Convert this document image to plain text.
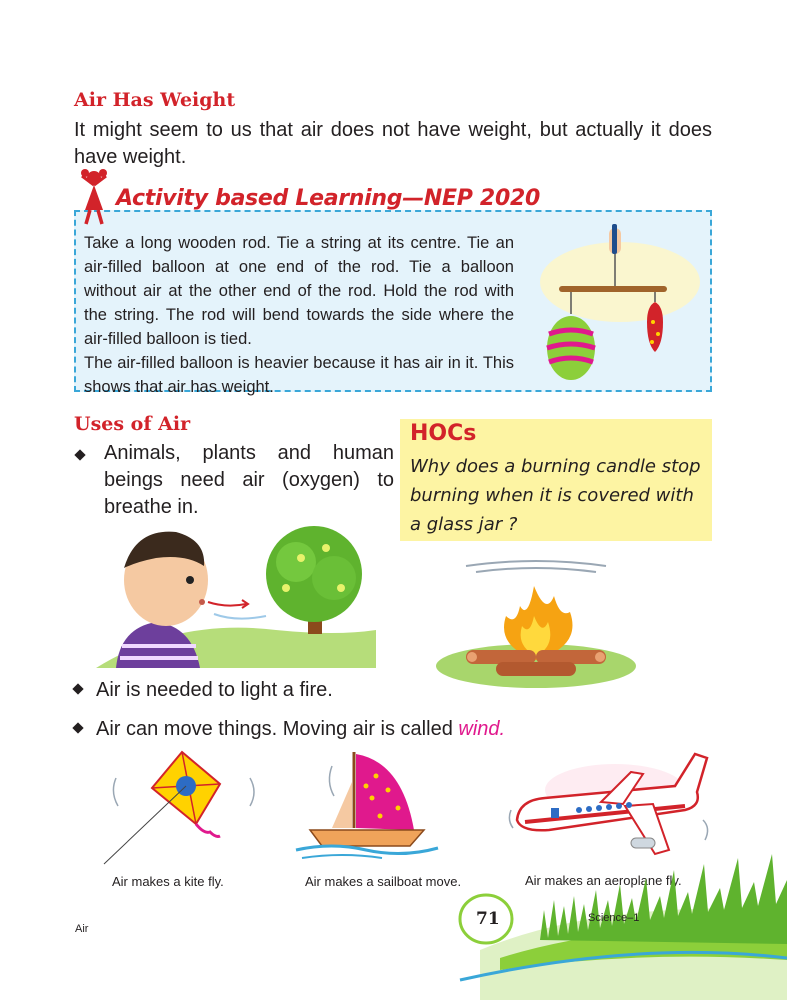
Air Has Weight
It might seem to us that air does not have weight, but actually it does have weight.
Activity based Learning—NEP 2020

Take a long wooden rod. Tie a string at its centre. Tie an air-filled balloon at one end of the rod. Tie a balloon without air at the other end of the rod. Hold the rod with the string. The rod will bend towards the side where the air-filled balloon is tied.

The air-filled balloon is heavier because it has air in it. This shows that air has weight.

Uses of Air
Animals, plants and human beings need air (oxygen) to breathe in.
HOCs
Why does a burning candle stop burning when it is covered with a glass jar ?
Air is needed to light a fire.
Air can move things. Moving air is called wind.
Air makes a kite fly.	Air makes a sailboat move.	Air makes an aeroplane fly.
71	Science–1
Air
